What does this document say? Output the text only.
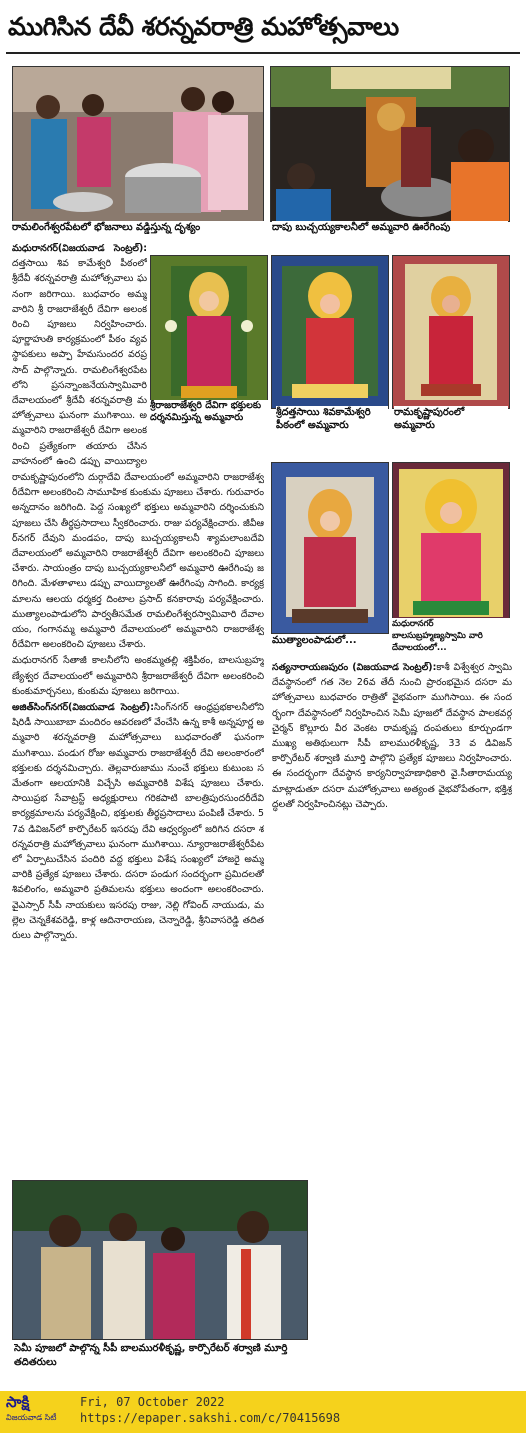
ముగిసిన దేవీ శరన్నవరాత్రి మహోత్సవాలు
రామలింగేశ్వరపేటలో భోజనాలు వడ్డిస్తున్న దృశ్యం	దాపు బుచ్చయ్యకాలనీలో అమ్మవారి ఊరేగింపు
శ్రీరాజరాజేశ్వరి దేవిగా భక్తులకు దర్శనమిస్తున్న అమ్మవారు	శ్రీదత్తసాయి శివకామేశ్వరి పీఠంలో అమ్మవారు
రామకృష్ణాపురంలో అమ్మవారు
ముత్యాలంపాడులో...
మధురానగర్ బాలసుబ్రహ్మణ్యస్వామి వారి దేవాలయంలో...

మధురానగర్(విజయవాడ సెంట్రల్):దత్తసాయి శివ కామేశ్వరి పీఠంలో శ్రీదేవీ శరన్నవరాత్రి మహోత్సవాలు ఘనంగా జరిగాయి. బుధవారం అమ్మవారిని శ్రీ రాజరాజేశ్వరీ దేవిగా అలంకరించి పూజలు నిర్వహించారు. పూర్ణాహుతి కార్యక్రమంలో పీఠం వ్యవస్థాపకులు అప్పా హేమసుందర వరప్రసాద్ పాల్గొన్నారు. రామలింగేశ్వరపేటలోని ప్రసన్నాంజనేయస్వామివారి దేవాలయంలో శ్రీదేవీ శరన్నవరాత్రి మహోత్సవాలు ఘనంగా ముగిశాయి. అమ్మవారిని రాజరాజేశ్వరీ దేవిగా అలంకరించి ప్రత్యేకంగా తయారు చేసిన వాహనంలో ఉంచి డప్పు వాయిద్యాల

రామకృష్ణాపురంలోని దుర్గాదేవి దేవాలయంలో అమ్మవారిని రాజరాజేశ్వరీదేవిగా అలంకరించి సామూహిక కుంకుమ పూజలు చేశారు. గురువారం అన్నదానం జరిగింది. పెద్ద సంఖ్యలో భక్తులు అమ్మవారిని దర్శించుకుని పూజలు చేసి తీర్థప్రసాదాలు స్వీకరించారు. రాజు పర్యవేక్షించారు. జీవీఆర్‌నగర్ దేవుని మండపం, దాపు బుచ్చయ్యకాలనీ శ్యామలాంబదేవి దేవాలయంలో అమ్మవారిని రాజరాజేశ్వరీ దేవిగా అలంకరించి పూజలు చేశారు. సాయంత్రం దాపు బుచ్చయ్యకాలనీలో అమ్మవారి ఊరేగింపు జరిగింది. మేళతాళాలు డప్పు వాయిద్యాలతో ఊరేగింపు సాగింది. కార్యక్రమాలను ఆలయ ధర్మకర్త దింటాల ప్రసాద్ కనకారావు పర్యవేక్షించారు. ముత్యాలంపాడులోని పార్వతీసమేత రామలింగేశ్వరస్వామివారి దేవాలయం, గంగానమ్మ అమ్మవారి దేవాలయంలో అమ్మవారిని రాజరాజేశ్వరీదేవిగా అలంకరించి పూజలు చేశారు.

మధురానగర్ సేతాజీ కాలనీలోని అంకమ్మతల్లి శక్తిపీఠం, బాలసుబ్రహ్మణ్యేశ్వర దేవాలయంలో అమ్మవారిని శ్రీరాజరాజేశ్వరీ దేవిగా అలంకరించి కుంకుమార్చనలు, కుంకుమ పూజలు జరిగాయి.

అజిత్‌సింగ్‌నగర్(విజయవాడ సెంట్రల్):సింగ్‌నగర్ ఆంధ్రప్రభకాలనీలోని షిరిడీ సాయిబాబా మందిరం ఆవరణలో వేంచేసి ఉన్న కాశీ అన్నపూర్ణ అమ్మవారి శరన్నవరాత్రి మహోత్సవాలు బుధవారంతో ఘనంగా ముగిశాయి. పండుగ రోజు అమ్మవారు రాజరాజేశ్వరీ దేవి అలంకారంలో భక్తులకు దర్శనమిచ్చారు. తెల్లవారుజాము నుంచే భక్తులు కుటుంబ సమేతంగా ఆలయానికి విచ్చేసి అమ్మవారికి విశేష పూజలు చేశారు. సాయిప్రభ సేవాట్రస్ట్ అధ్యక్షురాలు గరికపాటి బాలత్రిపురసుందరీదేవి కార్యక్రమాలను పర్యవేక్షించి, భక్తులకు తీర్థప్రసాదాలు పంపిణీ చేశారు. 57వ డివిజన్‌లో కార్పొరేటర్ ఇసరపు దేవి ఆధ్వర్యంలో జరిగిన దసరా శరన్నవరాత్రి మహోత్సవాలు ఘనంగా ముగిశాయి. న్యూరాజరాజేశ్వరీపేటలో ఏర్పాటుచేసిన పందిరి వద్ద భక్తులు విశేష సంఖ్యలో హాజరై అమ్మవారికి ప్రత్యేక పూజలు చేశారు. దసరా పండుగ సందర్భంగా ప్రమిదలతో శివలింగం, అమ్మవారి ప్రతిమలను భక్తులు అందంగా అలంకరించారు. వైఎస్సార్ సీపీ నాయకులు ఇసరపు రాజు, నెల్లి గోవింద్ నాయుడు, మల్లెల చెన్నకేశవరెడ్డి, కాళ్ల ఆదినారాయణ, చెన్నారెడ్డి, శ్రీనివాసరెడ్డి తదితరులు పాల్గొన్నారు.

సత్యనారాయణపురం (విజయవాడ సెంట్రల్):కాశీ విశ్వేశ్వర స్వామి దేవస్థానంలో గత నెల 26వ తేదీ నుంచి ప్రారంభమైన దసరా మహోత్సవాలు బుధవారం రాత్రితో వైభవంగా ముగిసాయి. ఈ సందర్భంగా దేవస్థానంలో నిర్వహించిన సెమీ పూజలో దేవస్థాన పాలకవర్గ చైర్మన్ కొల్లూరు వీర వెంకట రామకృష్ణ దంపతులు కూర్చుండగా ముఖ్య అతిథులుగా సీపీ బాలమురళీకృష్ణ, 33 వ డివిజన్ కార్పొరేటర్ శర్వాణి మూర్తి పాల్గొని ప్రత్యేక పూజలు నిర్వహించారు. ఈ సందర్భంగా దేవస్థాన కార్యనిర్వాహణాధికారి వై.సీతారామయ్య మాట్లాడుతూ దసరా మహోత్సవాలు అత్యంత వైభవోపేతంగా, భక్తిశ్రద్ధలతో నిర్వహించినట్లు చెప్పారు.

సెమీ పూజలో పాల్గొన్న సీపీ బాలమురళీకృష్ణ, కార్పొరేటర్ శర్వాణి మూర్తి తదితరులు
సాక్షి
విజయవాడ సిటీ
Fri, 07 October 2022
https://epaper.sakshi.com/c/70415698
